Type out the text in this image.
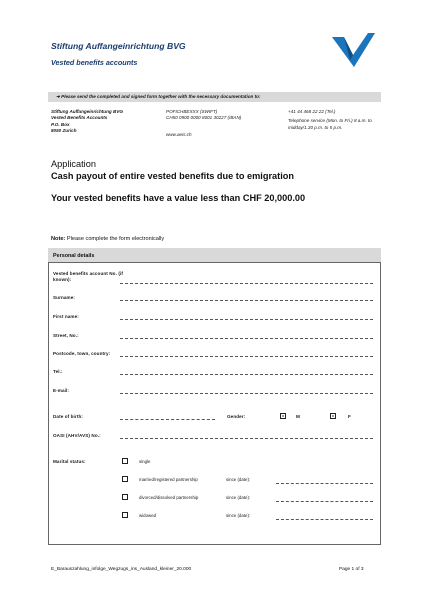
Stiftung Auffangeinrichtung BVG
Vested benefits accounts
➜ Please send the completed and signed form together with the necessary documentation to:
Stiftung Auffangeinrichtung BVG
Vested Benefits Accounts
P.O. Box
8050 Zurich
POFICHBEXXX (SWIFT)
CH50 0900 0000 8001 30227 (IBAN)
www.aeis.ch
+41 44 468 22 22 (Tel.)
Telephone service (Mon. to Fri.) 8 a.m. to midday/1.30 p.m. to 5 p.m.
Application
Cash payout of entire vested benefits due to emigration
Your vested benefits have a value less than CHF 20,000.00
Note: Please complete the form electronically
Personal details
Vested benefits account No. (if known):
Surname:
First name:
Street, No.:
Postcode, town, country:
Tel.:
E-mail:
Date of birth:	Gender:	M	F
OASI (AHV/AVS) No.:
Marital status:	single
married/registered partnership	since (date):
divorced/dissolved partnership	since (date):
widowed	since (date):
E_Barauszahlung_infolge_Wegzugs_ins_Ausland_kleiner_20.000	Page 1 of 3
